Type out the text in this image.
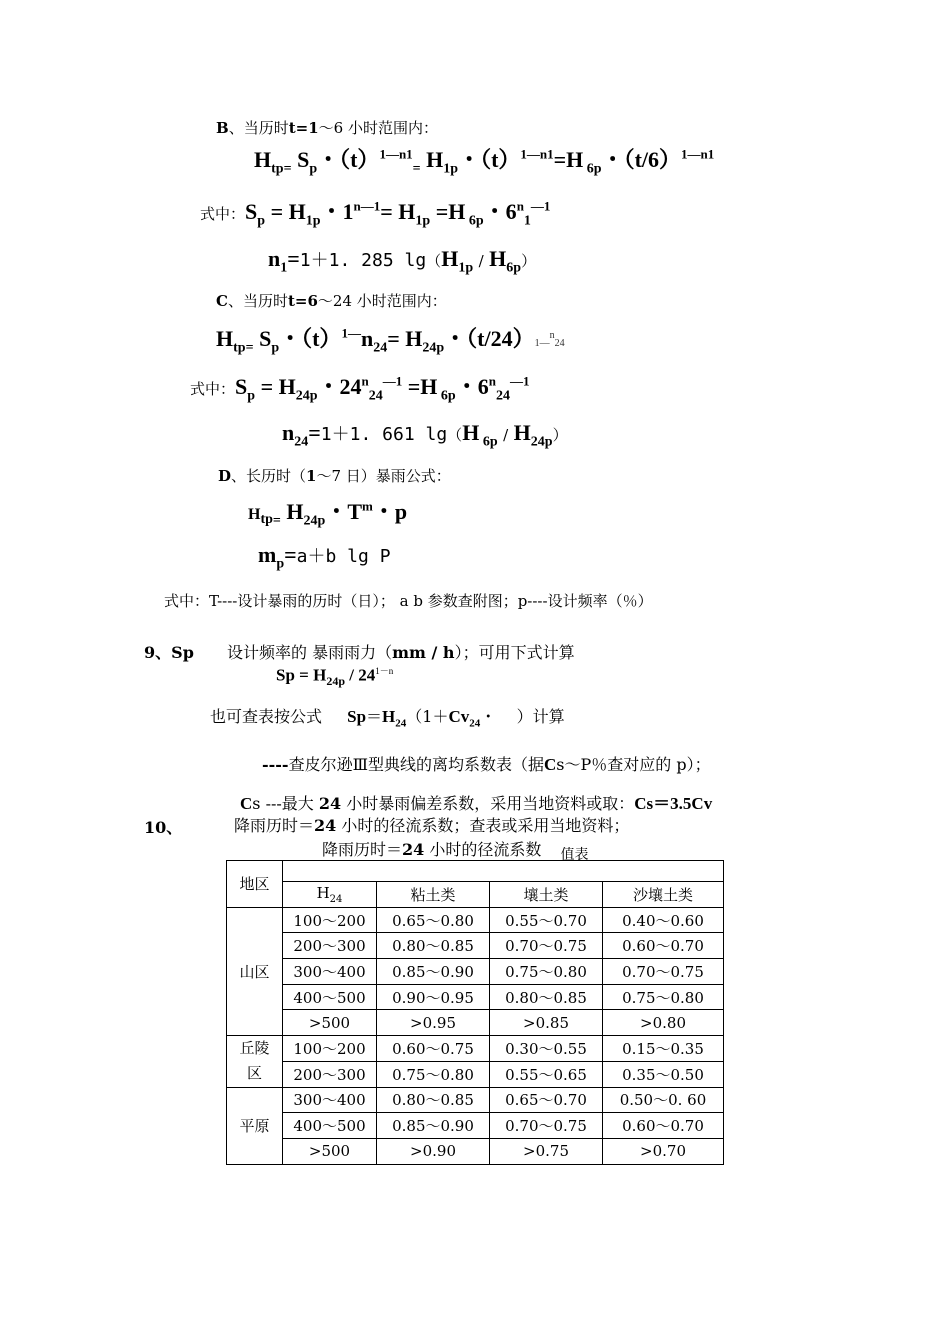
B、当历时t=1～6 小时范围内：
$H_{tp=}$ $S_p$・$(t)^{1—n1}_=$ $H_{1p}$・$(t)^{1—n1}=H$ $_{6p}$・$(t/6)^{1—n1}$
式中：$S_p = H_{1p}$・$1^{n—1}= H_{1p} =H$ $_{6p}$・$6^n_1^{—1}$
$n_1=1+1$. 285 $\lg(H_{1p} / H_{6p})$
C、当历时t=6～24 小时范围内：
$H_{tp=}$ $S_p$・$(t)^{1—}n_{24}= H_{24p}$・（t/24）1—$^n$24
式中：$S_p = H_{24p}$・$24^n_{24}^{—1} =H$ $_{6p}$・$6^n_{24}^{—1}$
$n_{24}=1+1$. 661 lg（H $_{6p} / H_{24p}$）
D、长历时（1～7 日）暴雨公式：
$H_{tp=}$ $H_{24p}$・$T^m$・p
$m_p=a+b$ lg P
式中：T----设计暴雨的历时（日）； a b 参数查附图；p----设计频率（％）
9、Sp 设计频率的 暴雨雨力（mm / h）；可用下式计算
$Sp = H_{24p} / 24^{1-n}$
也可查表按公式 $Sp=H_{24}(1+Cv_{24}$・    ）计算
----查皮尔逊Ⅲ型典线的离均系数表（据Cs～P％查对应的 p）；
Cs ---最大 24 小时暴雨偏差系数，采用当地资料或取：Cs＝3.5Cv
10、	降雨历时＝24 小时的径流系数；查表或采用当地资料；
降雨历时＝24 小时的径流系数 值表
地区				
	$H_{24}$	粘土类	壤土类	沙壤土类
山区	100～200	0.65～0.80	0.55～0.70	0.40～0.60
	200～300	0.80～0.85	0.70～0.75	0.60～0.70
	300～400	0.85～0.90	0.75～0.80	0.70～0.75
	400～500	0.90～0.95	0.80～0.85	0.75～0.80
	>500	>0.95	>0.85	>0.80
丘陵
区	100～200	0.60～0.75	0.30～0.55	0.15～0.35
	200～300	0.75～0.80	0.55～0.65	0.35～0.50
平原	300～400	0.80～0.85	0.65～0.70	0.50～0. 60
	400～500	0.85～0.90	0.70～0.75	0.60～0.70
	>500	>0.90	>0.75	>0.70
